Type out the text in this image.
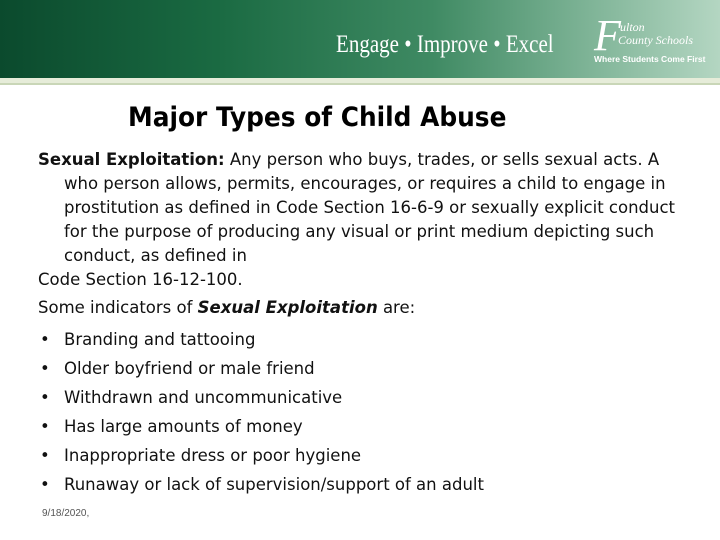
Engage • Improve • Excel F ulton
County Schools
Where Students Come First
Major Types of Child Abuse

Sexual Exploitation: Any person who buys, trades, or sells sexual acts. A who person allows, permits, encourages, or requires a child to engage in prostitution as defined in Code Section 16-6-9 or sexually explicit conduct for the purpose of producing any visual or print medium depicting such conduct, as defined in

Code Section 16-12-100.

Some indicators of Sexual Exploitation are:

• Branding and tattooing
• Older boyfriend or male friend
• Withdrawn and uncommunicative
• Has large amounts of money
• Inappropriate dress or poor hygiene
• Runaway or lack of supervision/support of an adult
9/18/2020,
